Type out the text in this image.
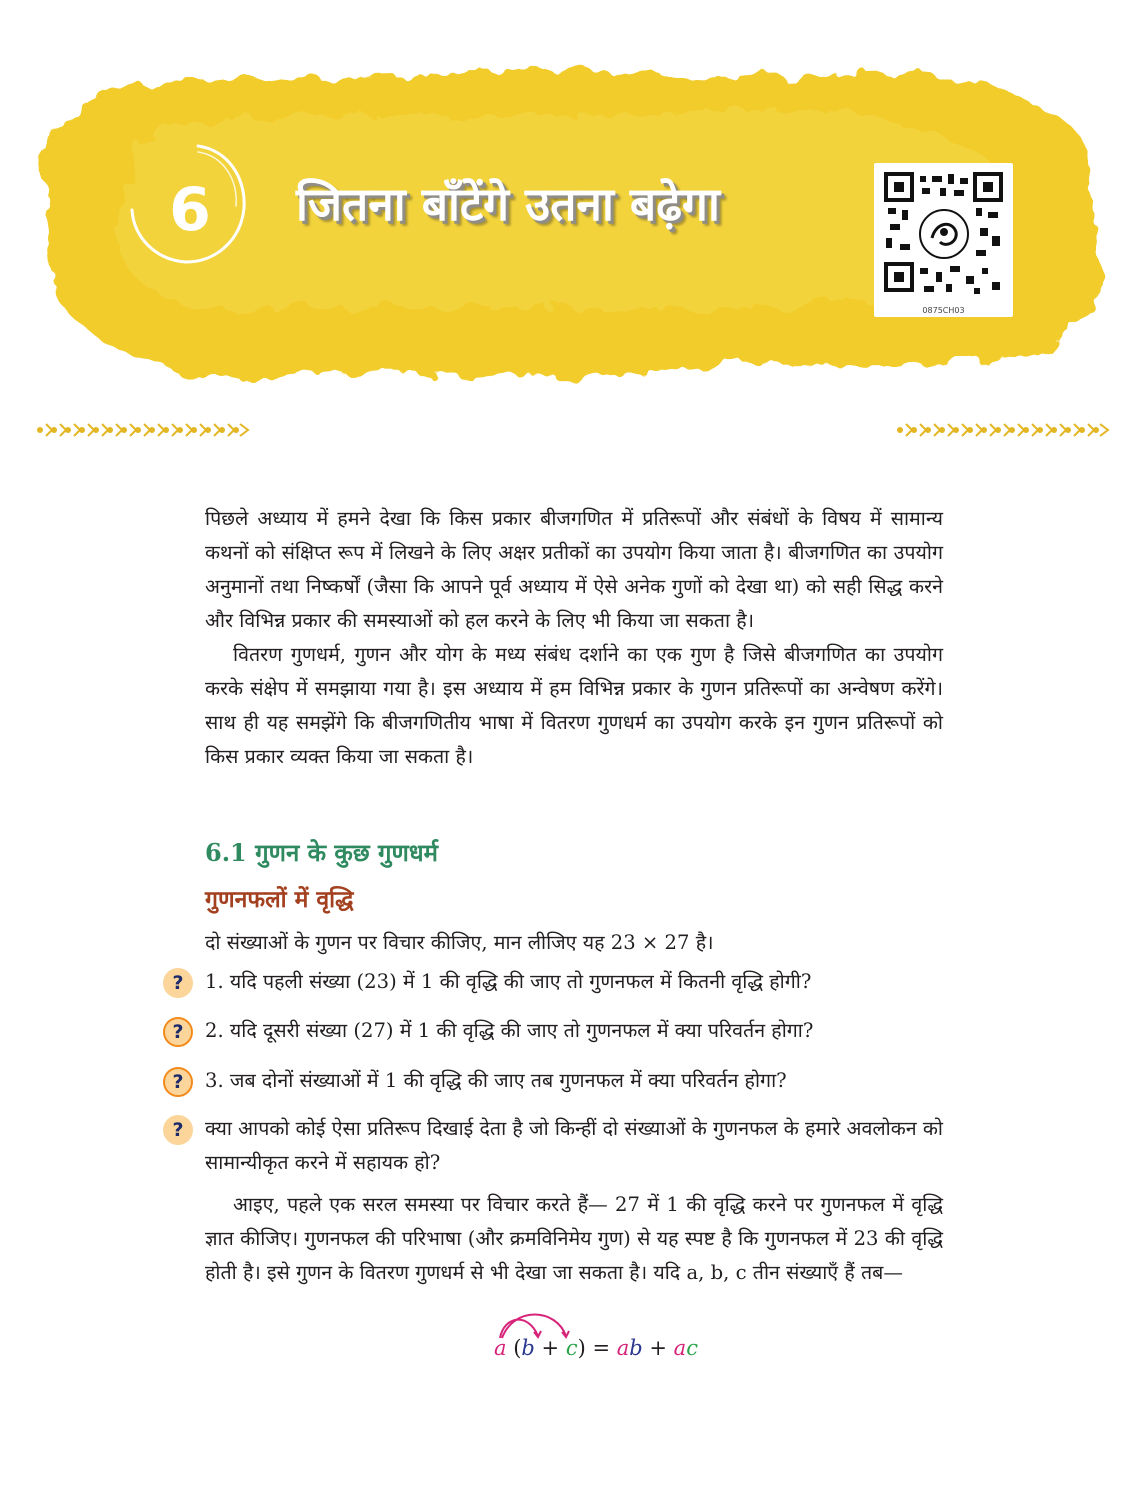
6 जितना बाँटेंगे उतना बढ़ेगा
0875CH03

पिछले अध्याय में हमने देखा कि किस प्रकार बीजगणित में प्रतिरूपों और संबंधों के विषय में सामान्य कथनों को संक्षिप्त रूप में लिखने के लिए अक्षर प्रतीकों का उपयोग किया जाता है। बीजगणित का उपयोग अनुमानों तथा निष्कर्षों (जैसा कि आपने पूर्व अध्याय में ऐसे अनेक गुणों को देखा था) को सही सिद्ध करने और विभिन्न प्रकार की समस्याओं को हल करने के लिए भी किया जा सकता है।

वितरण गुणधर्म, गुणन और योग के मध्य संबंध दर्शाने का एक गुण है जिसे बीजगणित का उपयोग करके संक्षेप में समझाया गया है। इस अध्याय में हम विभिन्न प्रकार के गुणन प्रतिरूपों का अन्वेषण करेंगे। साथ ही यह समझेंगे कि बीजगणितीय भाषा में वितरण गुणधर्म का उपयोग करके इन गुणन प्रतिरूपों को किस प्रकार व्यक्त किया जा सकता है।

6.1 गुणन के कुछ गुणधर्म
गुणनफलों में वृद्धि
दो संख्याओं के गुणन पर विचार कीजिए, मान लीजिए यह 23 × 27 है।
?	1. यदि पहली संख्या (23) में 1 की वृद्धि की जाए तो गुणनफल में कितनी वृद्धि होगी?
?	2. यदि दूसरी संख्या (27) में 1 की वृद्धि की जाए तो गुणनफल में क्या परिवर्तन होगा?
?	3. जब दोनों संख्याओं में 1 की वृद्धि की जाए तब गुणनफल में क्या परिवर्तन होगा?
?	क्या आपको कोई ऐसा प्रतिरूप दिखाई देता है जो किन्हीं दो संख्याओं के गुणनफल के हमारे अवलोकन को सामान्यीकृत करने में सहायक हो?
आइए, पहले एक सरल समस्या पर विचार करते हैं— 27 में 1 की वृद्धि करने पर गुणनफल में वृद्धि ज्ञात कीजिए। गुणनफल की परिभाषा (और क्रमविनिमेय गुण) से यह स्पष्ट है कि गुणनफल में 23 की वृद्धि होती है। इसे गुणन के वितरण गुणधर्म से भी देखा जा सकता है। यदि a, b, c तीन संख्याएँ हैं तब—
a (b + c) = ab + ac
